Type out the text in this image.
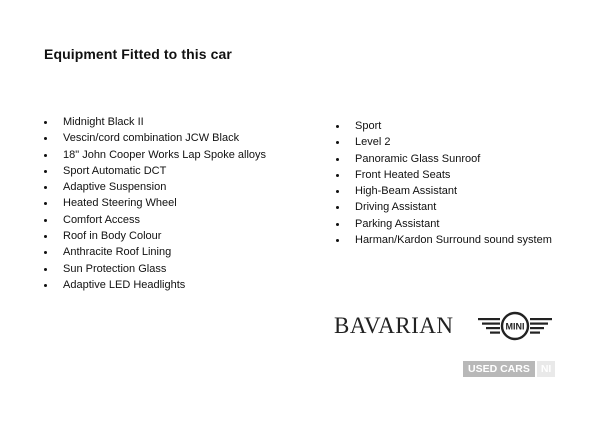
Equipment Fitted to this car
Midnight Black II
Vescin/cord combination JCW Black
18" John Cooper Works Lap Spoke alloys
Sport Automatic DCT
Adaptive Suspension
Heated Steering Wheel
Comfort Access
Roof in Body Colour
Anthracite Roof Lining
Sun Protection Glass
Adaptive LED Headlights
Sport
Level 2
Panoramic Glass Sunroof
Front Heated Seats
High-Beam Assistant
Driving Assistant
Parking Assistant
Harman/Kardon Surround sound system
BAVARIAN	MINI
USED CARS	NI
